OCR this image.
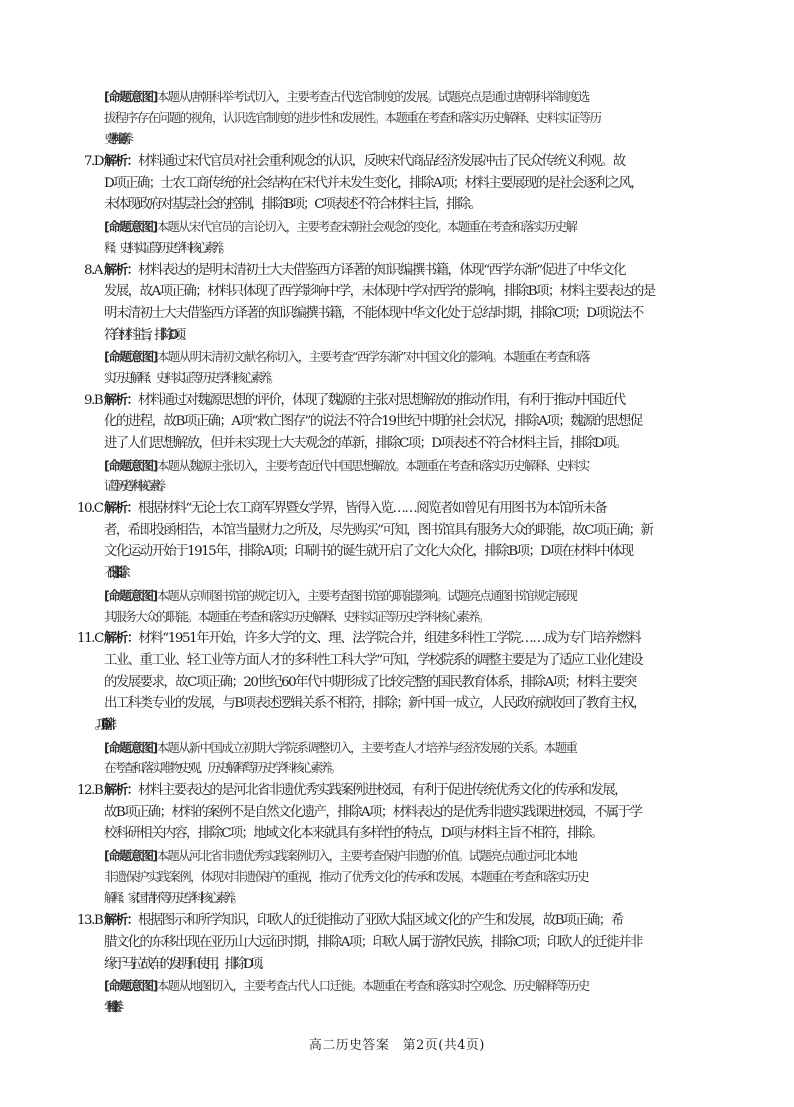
[命题意图]本题从唐朝科举考试切入，主要考查古代选官制度的发展。试题亮点是通过唐朝科举制度选
拔程序存在问题的视角，认识选官制度的进步性和发展性。本题重在考查和落实历史解释、史料实证等历
史学科核心素养。
7.D 解析：材料通过宋代官员对社会重利观念的认识，反映宋代商品经济发展冲击了民众传统义利观。故
D项正确；士农工商传统的社会结构在宋代并未发生变化，排除A项；材料主要展现的是社会逐利之风，
未体现政府对基层社会的控制，排除B项；C项表述不符合材料主旨，排除。
[命题意图]本题从宋代官员的言论切入，主要考查宋朝社会观念的变化。本题重在考查和落实历史解
释、史料实证等历史学科核心素养。
8.A 解析：材料表达的是明末清初士大夫借鉴西方译著的知识编撰书籍，体现“西学东渐”促进了中华文化
发展，故A项正确；材料只体现了西学影响中学，未体现中学对西学的影响，排除B项；材料主要表达的是
明末清初士大夫借鉴西方译著的知识编撰书籍，不能体现中华文化处于总结时期，排除C项；D项说法不
符合材料主旨，排除D项。
[命题意图]本题从明末清初文献名称切入，主要考查“西学东渐”对中国文化的影响。本题重在考查和落
实历史解释、史料实证等历史学科核心素养。
9.B 解析：材料通过对魏源思想的评价，体现了魏源的主张对思想解放的推动作用，有利于推动中国近代
化的进程，故B项正确；A项“救亡图存”的说法不符合19世纪中期的社会状况，排除A项；魏源的思想促
进了人们思想解放，但并未实现士大夫观念的革新，排除C项；D项表述不符合材料主旨，排除D项。
[命题意图]本题从魏源主张切入，主要考查近代中国思想解放。本题重在考查和落实历史解释、史料实
证等历史学科核心素养。
10.C 解析：根据材料“无论士农工商军界暨女学界，皆得入览……阅览者如曾见有用图书为本馆所未备
者，希即投函相告，本馆当量财力之所及，尽先购买”可知，图书馆具有服务大众的职能，故C项正确；新
文化运动开始于1915年，排除A项；印刷书的诞生就开启了文化大众化，排除B项；D项在材料中体现
不出来，排除。
[命题意图]本题从京师图书馆的规定切入，主要考查图书馆的职能影响。试题亮点通图书馆规定展现
其服务大众的职能。本题重在考查和落实历史解释、史料实证等历史学科核心素养。
11.C 解析：材料“1951年开始，许多大学的文、理、法学院合并，组建多科性工学院……成为专门培养燃料
工业、重工业、轻工业等方面人才的多科性工科大学”可知，学校院系的调整主要是为了适应工业化建设
的发展要求，故C项正确；20世纪60年代中期形成了比较完整的国民教育体系，排除A项；材料主要突
出工科类专业的发展，与B项表述逻辑关系不相符，排除；新中国一成立，人民政府就收回了教育主权，
[命题意图]本题从新中国成立初期大学院系调整切入，主要考查人才培养与经济发展的关系。本题重
在考查和落实唯物史观、历史解释等历史学科核心素养。
12.B 解析：材料主要表达的是河北省非遗优秀实践案例进校园，有利于促进传统优秀文化的传承和发展，
故B项正确；材料的案例不是自然文化遗产，排除A项；材料表达的是优秀非遗实践课进校园，不属于学
校科研相关内容，排除C项；地域文化本来就具有多样性的特点，D项与材料主旨不相符，排除。
[命题意图]本题从河北省非遗优秀实践案例切入，主要考查保护非遗的价值。试题亮点通过河北本地
非遗保护实践案例，体现对非遗保护的重视，推动了优秀文化的传承和发展。本题重在考查和落实历史
解释、家国情怀等历史学科核心素养。
13.B 解析：根据图示和所学知识，印欧人的迁徙推动了亚欧大陆区域文化的产生和发展，故B项正确；希
腊文化的东移出现在亚历山大远征时期，排除A项；印欧人属于游牧民族，排除C项；印欧人的迁徙并非
缘于马拉战车的发明和使用，排除D项。
[命题意图]本题从地图切入，主要考查古代人口迁徙。本题重在考查和落实时空观念、历史解释等历史
学科核心素养。
高二历史答案　第2页(共4页)
